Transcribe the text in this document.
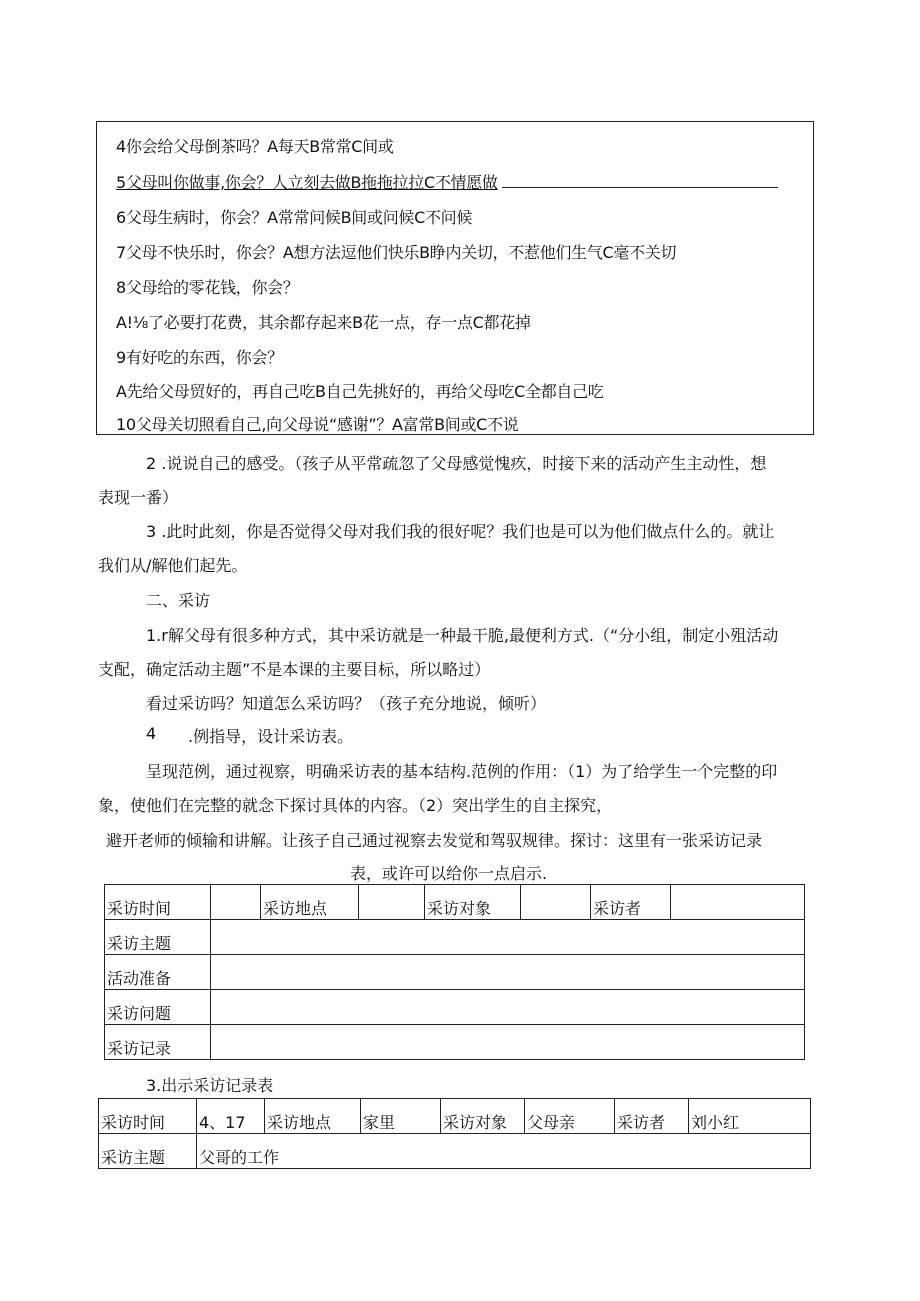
4你会给父母倒茶吗？A每天B常常C间或
5父母叫你做事,你会？人立刻去做B拖拖拉拉C不情愿做
6父母生病时，你会？A常常问候B间或问候C不问候
7父母不快乐时，你会？A想方法逗他们快乐B睁内关切，不惹他们生气C毫不关切
8父母给的零花钱，你会？
A!⅛了必要打花费，其余都存起来B花一点，存一点C都花掉
9有好吃的东西，你会？
A先给父母贸好的，再自己吃B自己先挑好的，再给父母吃C全都自己吃
10父母关切照看自己,向父母说“感谢”？A富常B间或C不说
2 .说说自己的感受。（孩子从平常疏忽了父母感觉愧疚，时接下来的活动产生主动性，想
表现一番）
3 .此时此刻，你是否觉得父母对我们我的很好呢？我们也是可以为他们做点什么的。就让
我们从/解他们起先。
二、采访
1.r解父母有很多种方式，其中采访就是一种最干脆,最便利方式.（“分小组，制定小殂活动
支配，确定活动主题”不是本课的主要目标，所以略过）
看过采访吗？知道怎么采访吗？（孩子充分地说，倾听）
4 .例指导，设计采访表。
呈现范例，通过视察，明确采访表的基本结构.范例的作用：（1）为了给学生一个完整的印
象，使他们在完整的就念下探讨具体的内容。（2）突出学生的自主探究，
避开老师的倾输和讲解。让孩子自己通过视察去发觉和驾驭规律。探讨：这里有一张采访记录
表，或许可以给你一点启示.
采访时间		采访地点		采访对象		采访者	
采访主题							
活动准备							
采访问题							
采访记录							
3.出示采访记录表
采访时间	4、17	采访地点	家里	采访对象	父母亲	采访者	刘小红
采访主题	父哥的工作						
